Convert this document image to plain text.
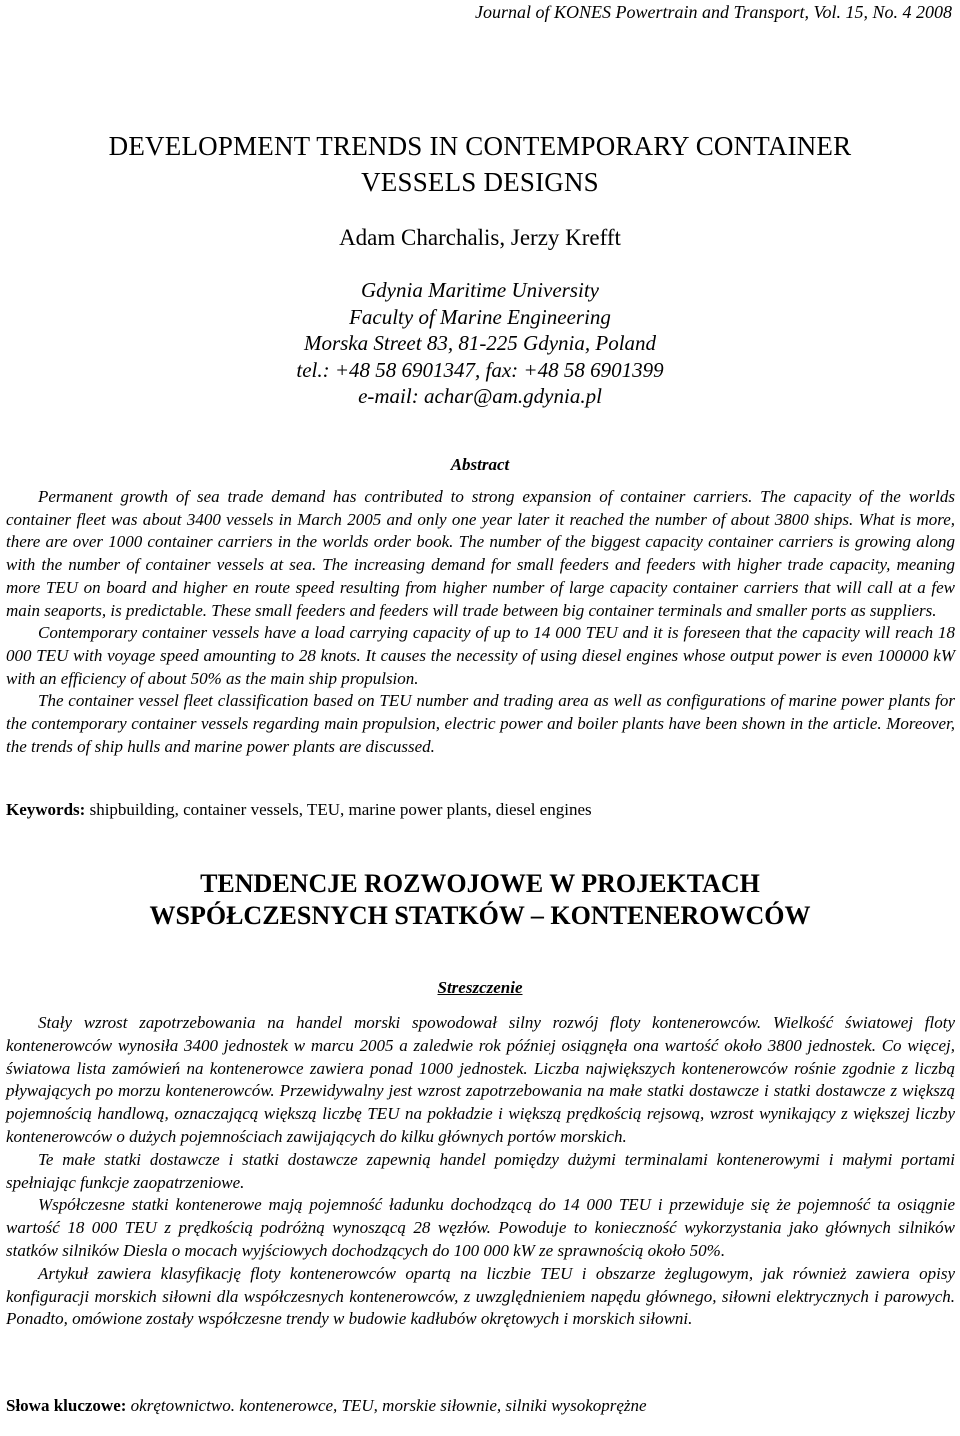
Journal of KONES Powertrain and Transport, Vol. 15, No. 4 2008
DEVELOPMENT TRENDS IN CONTEMPORARY CONTAINER
VESSELS DESIGNS
Adam Charchalis, Jerzy Krefft
Gdynia Maritime University
Faculty of Marine Engineering
Morska Street 83, 81-225 Gdynia, Poland
tel.: +48 58 6901347, fax: +48 58 6901399
e-mail: achar@am.gdynia.pl
Abstract

Permanent growth of sea trade demand has contributed to strong expansion of container carriers. The capacity of the worlds container fleet was about 3400 vessels in March 2005 and only one year later it reached the number of about 3800 ships. What is more, there are over 1000 container carriers in the worlds order book. The number of the biggest capacity container carriers is growing along with the number of container vessels at sea. The increasing demand for small feeders and feeders with higher trade capacity, meaning more TEU on board and higher en route speed resulting from higher number of large capacity container carriers that will call at a few main seaports, is predictable. These small feeders and feeders will trade between big container terminals and smaller ports as suppliers.

Contemporary container vessels have a load carrying capacity of up to 14 000 TEU and it is foreseen that the capacity will reach 18 000 TEU with voyage speed amounting to 28 knots. It causes the necessity of using diesel engines whose output power is even 100000 kW with an efficiency of about 50% as the main ship propulsion.

The container vessel fleet classification based on TEU number and trading area as well as configurations of marine power plants for the contemporary container vessels regarding main propulsion, electric power and boiler plants have been shown in the article. Moreover, the trends of ship hulls and marine power plants are discussed.

Keywords: shipbuilding, container vessels, TEU, marine power plants, diesel engines
TENDENCJE ROZWOJOWE W PROJEKTACH
WSPÓŁCZESNYCH STATKÓW – KONTENEROWCÓW
Streszczenie

Stały wzrost zapotrzebowania na handel morski spowodował silny rozwój floty kontenerowców. Wielkość światowej floty kontenerowców wynosiła 3400 jednostek w marcu 2005 a zaledwie rok później osiągnęła ona wartość około 3800 jednostek. Co więcej, światowa lista zamówień na kontenerowce zawiera ponad 1000 jednostek. Liczba największych kontenerowców rośnie zgodnie z liczbą pływających po morzu kontenerowców. Przewidywalny jest wzrost zapotrzebowania na małe statki dostawcze i statki dostawcze z większą pojemnością handlową, oznaczającą większą liczbę TEU na pokładzie i większą prędkością rejsową, wzrost wynikający z większej liczby kontenerowców o dużych pojemnościach zawijających do kilku głównych portów morskich.

Te małe statki dostawcze i statki dostawcze zapewnią handel pomiędzy dużymi terminalami kontenerowymi i małymi portami spełniając funkcje zaopatrzeniowe.

Współczesne statki kontenerowe mają pojemność ładunku dochodzącą do 14 000 TEU i przewiduje się że pojemność ta osiągnie wartość 18 000 TEU z prędkością podróżną wynoszącą 28 węzłów. Powoduje to konieczność wykorzystania jako głównych silników statków silników Diesla o mocach wyjściowych dochodzących do 100 000 kW ze sprawnością około 50%.

Artykuł zawiera klasyfikację floty kontenerowców opartą na liczbie TEU i obszarze żeglugowym, jak również zawiera opisy konfiguracji morskich siłowni dla współczesnych kontenerowców, z uwzględnieniem napędu głównego, siłowni elektrycznych i parowych. Ponadto, omówione zostały współczesne trendy w budowie kadłubów okrętowych i morskich siłowni.

Słowa kluczowe: okrętownictwo. kontenerowce, TEU, morskie siłownie, silniki wysokoprężne
